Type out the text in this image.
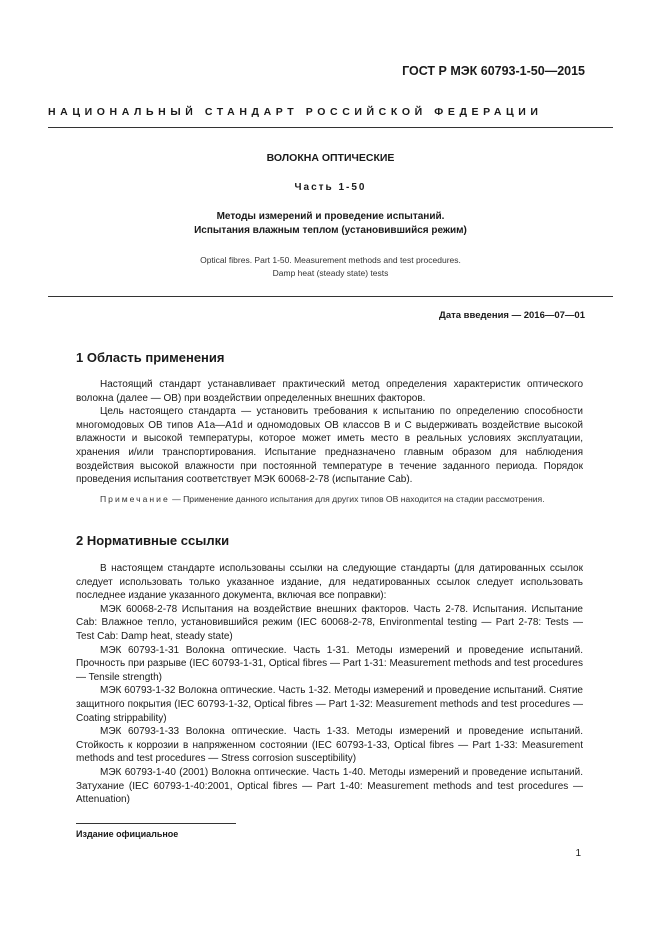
ГОСТ Р МЭК 60793-1-50—2015
НАЦИОНАЛЬНЫЙ СТАНДАРТ РОССИЙСКОЙ ФЕДЕРАЦИИ
ВОЛОКНА ОПТИЧЕСКИЕ
Часть 1-50
Методы измерений и проведение испытаний.
Испытания влажным теплом (установившийся режим)
Optical fibres. Part 1-50. Measurement methods and test procedures.
Damp heat (steady state) tests
Дата введения — 2016—07—01
1 Область применения

Настоящий стандарт устанавливает практический метод определения характеристик оптического волокна (далее — ОВ) при воздействии определенных внешних факторов.

Цель настоящего стандарта — установить требования к испытанию по определению способности многомодовых ОВ типов A1a—A1d и одномодовых ОВ классов В и С выдерживать воздействие высокой влажности и высокой температуры, которое может иметь место в реальных условиях эксплуатации, хранения и/или транспортирования. Испытание предназначено главным образом для наблюдения воздействия высокой влажности при постоянной температуре в течение заданного периода. Порядок проведения испытания соответствует МЭК 60068-2-78 (испытание Cab).

Примечание — Применение данного испытания для других типов ОВ находится на стадии рассмотрения.
2 Нормативные ссылки

В настоящем стандарте использованы ссылки на следующие стандарты (для датированных ссылок следует использовать только указанное издание, для недатированных ссылок следует использовать последнее издание указанного документа, включая все поправки):

МЭК 60068-2-78 Испытания на воздействие внешних факторов. Часть 2-78. Испытания. Испытание Cab: Влажное тепло, установившийся режим (IEC 60068-2-78, Environmental testing — Part 2-78: Tests — Test Cab: Damp heat, steady state)

МЭК 60793-1-31 Волокна оптические. Часть 1-31. Методы измерений и проведение испытаний. Прочность при разрыве (IEC 60793-1-31, Optical fibres — Part 1-31: Measurement methods and test procedures — Tensile strength)

МЭК 60793-1-32 Волокна оптические. Часть 1-32. Методы измерений и проведение испытаний. Снятие защитного покрытия (IEC 60793-1-32, Optical fibres — Part 1-32: Measurement methods and test procedures — Coating strippability)

МЭК 60793-1-33 Волокна оптические. Часть 1-33. Методы измерений и проведение испытаний. Стойкость к коррозии в напряженном состоянии (IEC 60793-1-33, Optical fibres — Part 1-33: Measurement methods and test procedures — Stress corrosion susceptibility)

МЭК 60793-1-40 (2001) Волокна оптические. Часть 1-40. Методы измерений и проведение испытаний. Затухание (IEC 60793-1-40:2001, Optical fibres — Part 1-40: Measurement methods and test procedures — Attenuation)

Издание официальное
1
